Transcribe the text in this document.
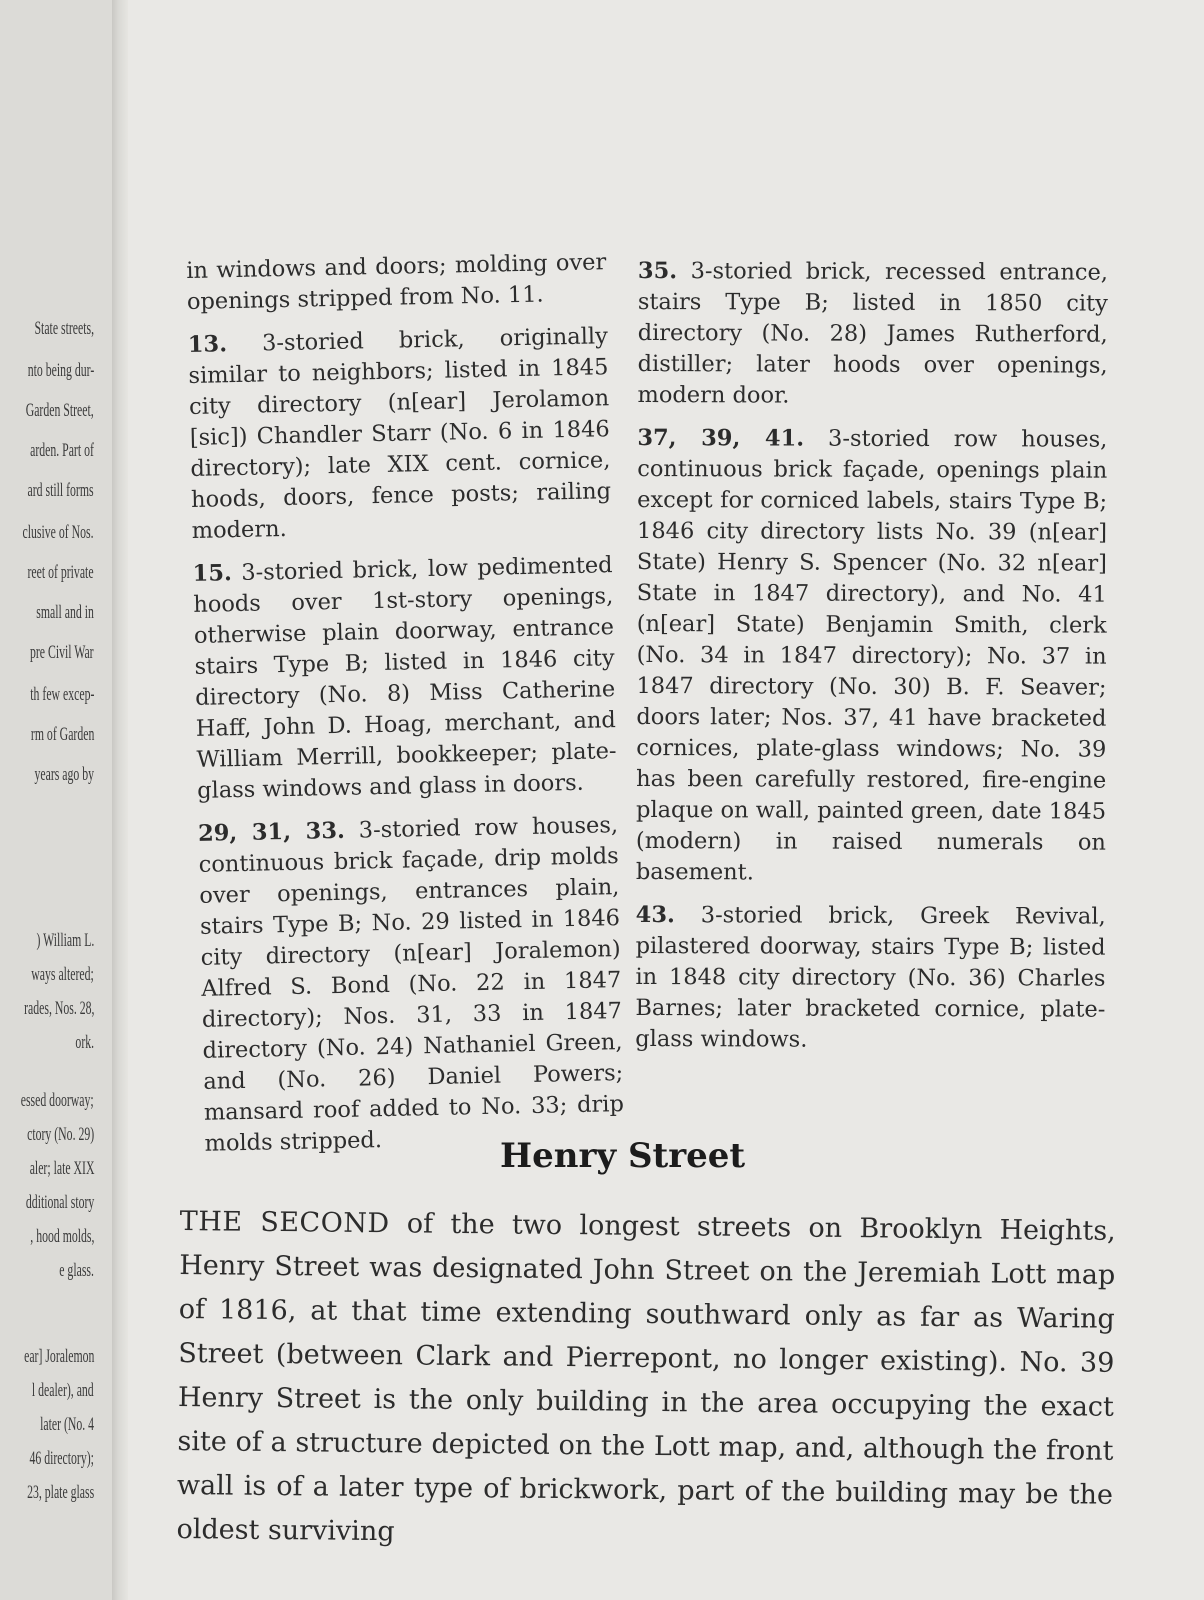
State streets,
nto being dur-
Garden Street,
arden. Part of
ard still forms
clusive of Nos.
reet of private
small and in
pre Civil War
th few excep-
rm of Garden
years ago by
) William L.
ways altered;
rades, Nos. 28,
ork.
essed doorway;
ctory (No. 29)
aler; late XIX
dditional story
, hood molds,
e glass.
ear] Joralemon
l dealer), and
later (No. 4
46 directory);
23, plate glass

in windows and doors; molding over openings stripped from No. 11.

13. 3-storied brick, originally similar to neighbors; listed in 1845 city directory (n[ear] Jerolamon [sic]) Chandler Starr (No. 6 in 1846 directory); late XIX cent. cornice, hoods, doors, fence posts; railing modern.

15. 3-storied brick, low pedimented hoods over 1st-story openings, otherwise plain doorway, entrance stairs Type B; listed in 1846 city directory (No. 8) Miss Catherine Haff, John D. Hoag, merchant, and William Merrill, bookkeeper; plate-glass windows and glass in doors.

29, 31, 33. 3-storied row houses, continuous brick façade, drip molds over openings, entrances plain, stairs Type B; No. 29 listed in 1846 city directory (n[ear] Joralemon) Alfred S. Bond (No. 22 in 1847 directory); Nos. 31, 33 in 1847 directory (No. 24) Nathaniel Green, and (No. 26) Daniel Powers; mansard roof added to No. 33; drip molds stripped.

35. 3-storied brick, recessed entrance, stairs Type B; listed in 1850 city directory (No. 28) James Rutherford, distiller; later hoods over openings, modern door.

37, 39, 41. 3-storied row houses, continuous brick façade, openings plain except for corniced labels, stairs Type B; 1846 city directory lists No. 39 (n[ear] State) Henry S. Spencer (No. 32 n[ear] State in 1847 directory), and No. 41 (n[ear] State) Benjamin Smith, clerk (No. 34 in 1847 directory); No. 37 in 1847 directory (No. 30) B. F. Seaver; doors later; Nos. 37, 41 have bracketed cornices, plate-glass windows; No. 39 has been carefully restored, fire-engine plaque on wall, painted green, date 1845 (modern) in raised numerals on basement.

43. 3-storied brick, Greek Revival, pilastered doorway, stairs Type B; listed in 1848 city directory (No. 36) Charles Barnes; later bracketed cornice, plate-glass windows.

Henry Street

THE SECOND of the two longest streets on Brooklyn Heights, Henry Street was designated John Street on the Jeremiah Lott map of 1816, at that time extending southward only as far as Waring Street (between Clark and Pierrepont, no longer existing). No. 39 Henry Street is the only building in the area occupying the exact site of a structure depicted on the Lott map, and, although the front wall is of a later type of brickwork, part of the building may be the oldest surviving
